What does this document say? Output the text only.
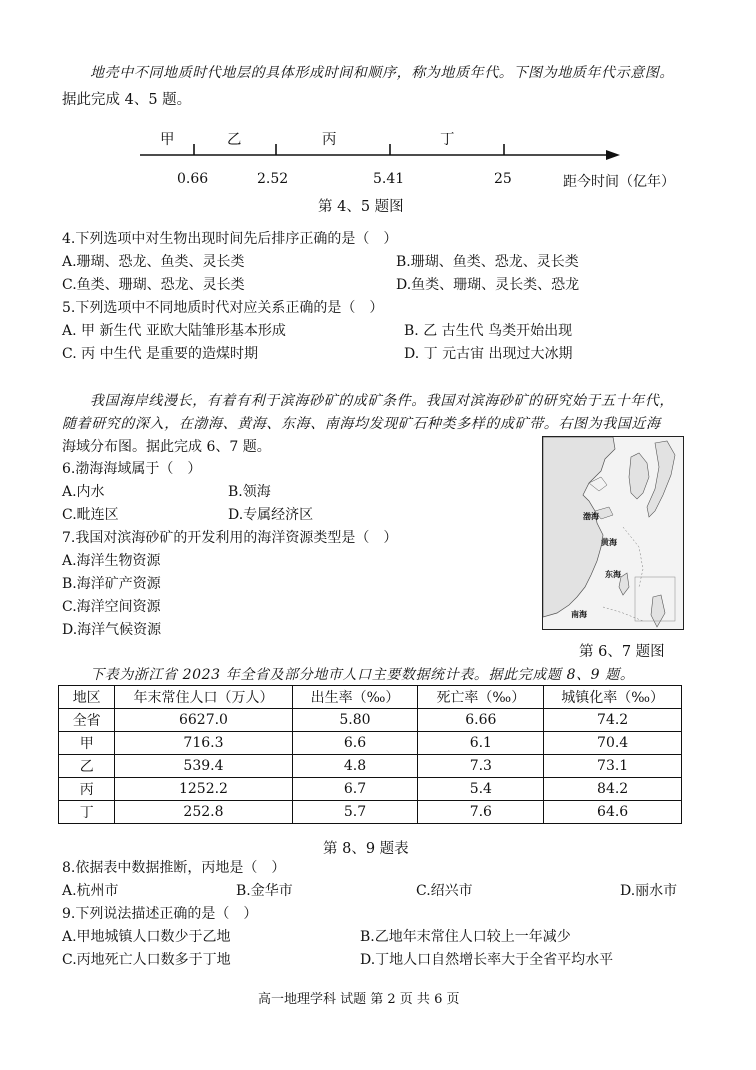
地壳中不同地质时代地层的具体形成时间和顺序，称为地质年代。下图为地质年代示意图。
据此完成 4、5 题。
甲	乙	丙	丁
0.66	2.52	5.41	25	距今时间（亿年）
第 4、5 题图
4.下列选项中对生物出现时间先后排序正确的是（　）
A.珊瑚、恐龙、鱼类、灵长类	B.珊瑚、鱼类、恐龙、灵长类
C.鱼类、珊瑚、恐龙、灵长类	D.鱼类、珊瑚、灵长类、恐龙
5.下列选项中不同地质时代对应关系正确的是（　）
A. 甲 新生代 亚欧大陆雏形基本形成	B. 乙 古生代 鸟类开始出现
C. 丙 中生代 是重要的造煤时期	D. 丁 元古宙 出现过大冰期
我国海岸线漫长，有着有利于滨海砂矿的成矿条件。我国对滨海砂矿的研究始于五十年代，
随着研究的深入，在渤海、黄海、东海、南海均发现矿石种类多样的成矿带。右图为我国近海
海域分布图。据此完成 6、7 题。
6.渤海海域属于（　）
A.内水	B.领海
C.毗连区	D.专属经济区
7.我国对滨海砂矿的开发利用的海洋资源类型是（　）
A.海洋生物资源
B.海洋矿产资源
C.海洋空间资源
D.海洋气候资源
渤海
黄海
东海
南海
第 6、7 题图
下表为浙江省 2023 年全省及部分地市人口主要数据统计表。据此完成题 8、9 题。
地区	年末常住人口（万人）	出生率（‰）	死亡率（‰）	城镇化率（‰）
全省	6627.0	5.80	6.66	74.2
甲	716.3	6.6	6.1	70.4
乙	539.4	4.8	7.3	73.1
丙	1252.2	6.7	5.4	84.2
丁	252.8	5.7	7.6	64.6
第 8、9 题表
8.依据表中数据推断，丙地是（　）
A.杭州市	B.金华市	C.绍兴市	D.丽水市
9.下列说法描述正确的是（　）
A.甲地城镇人口数少于乙地	B.乙地年末常住人口较上一年减少
C.丙地死亡人口数多于丁地	D.丁地人口自然增长率大于全省平均水平
高一地理学科 试题 第 2 页 共 6 页
